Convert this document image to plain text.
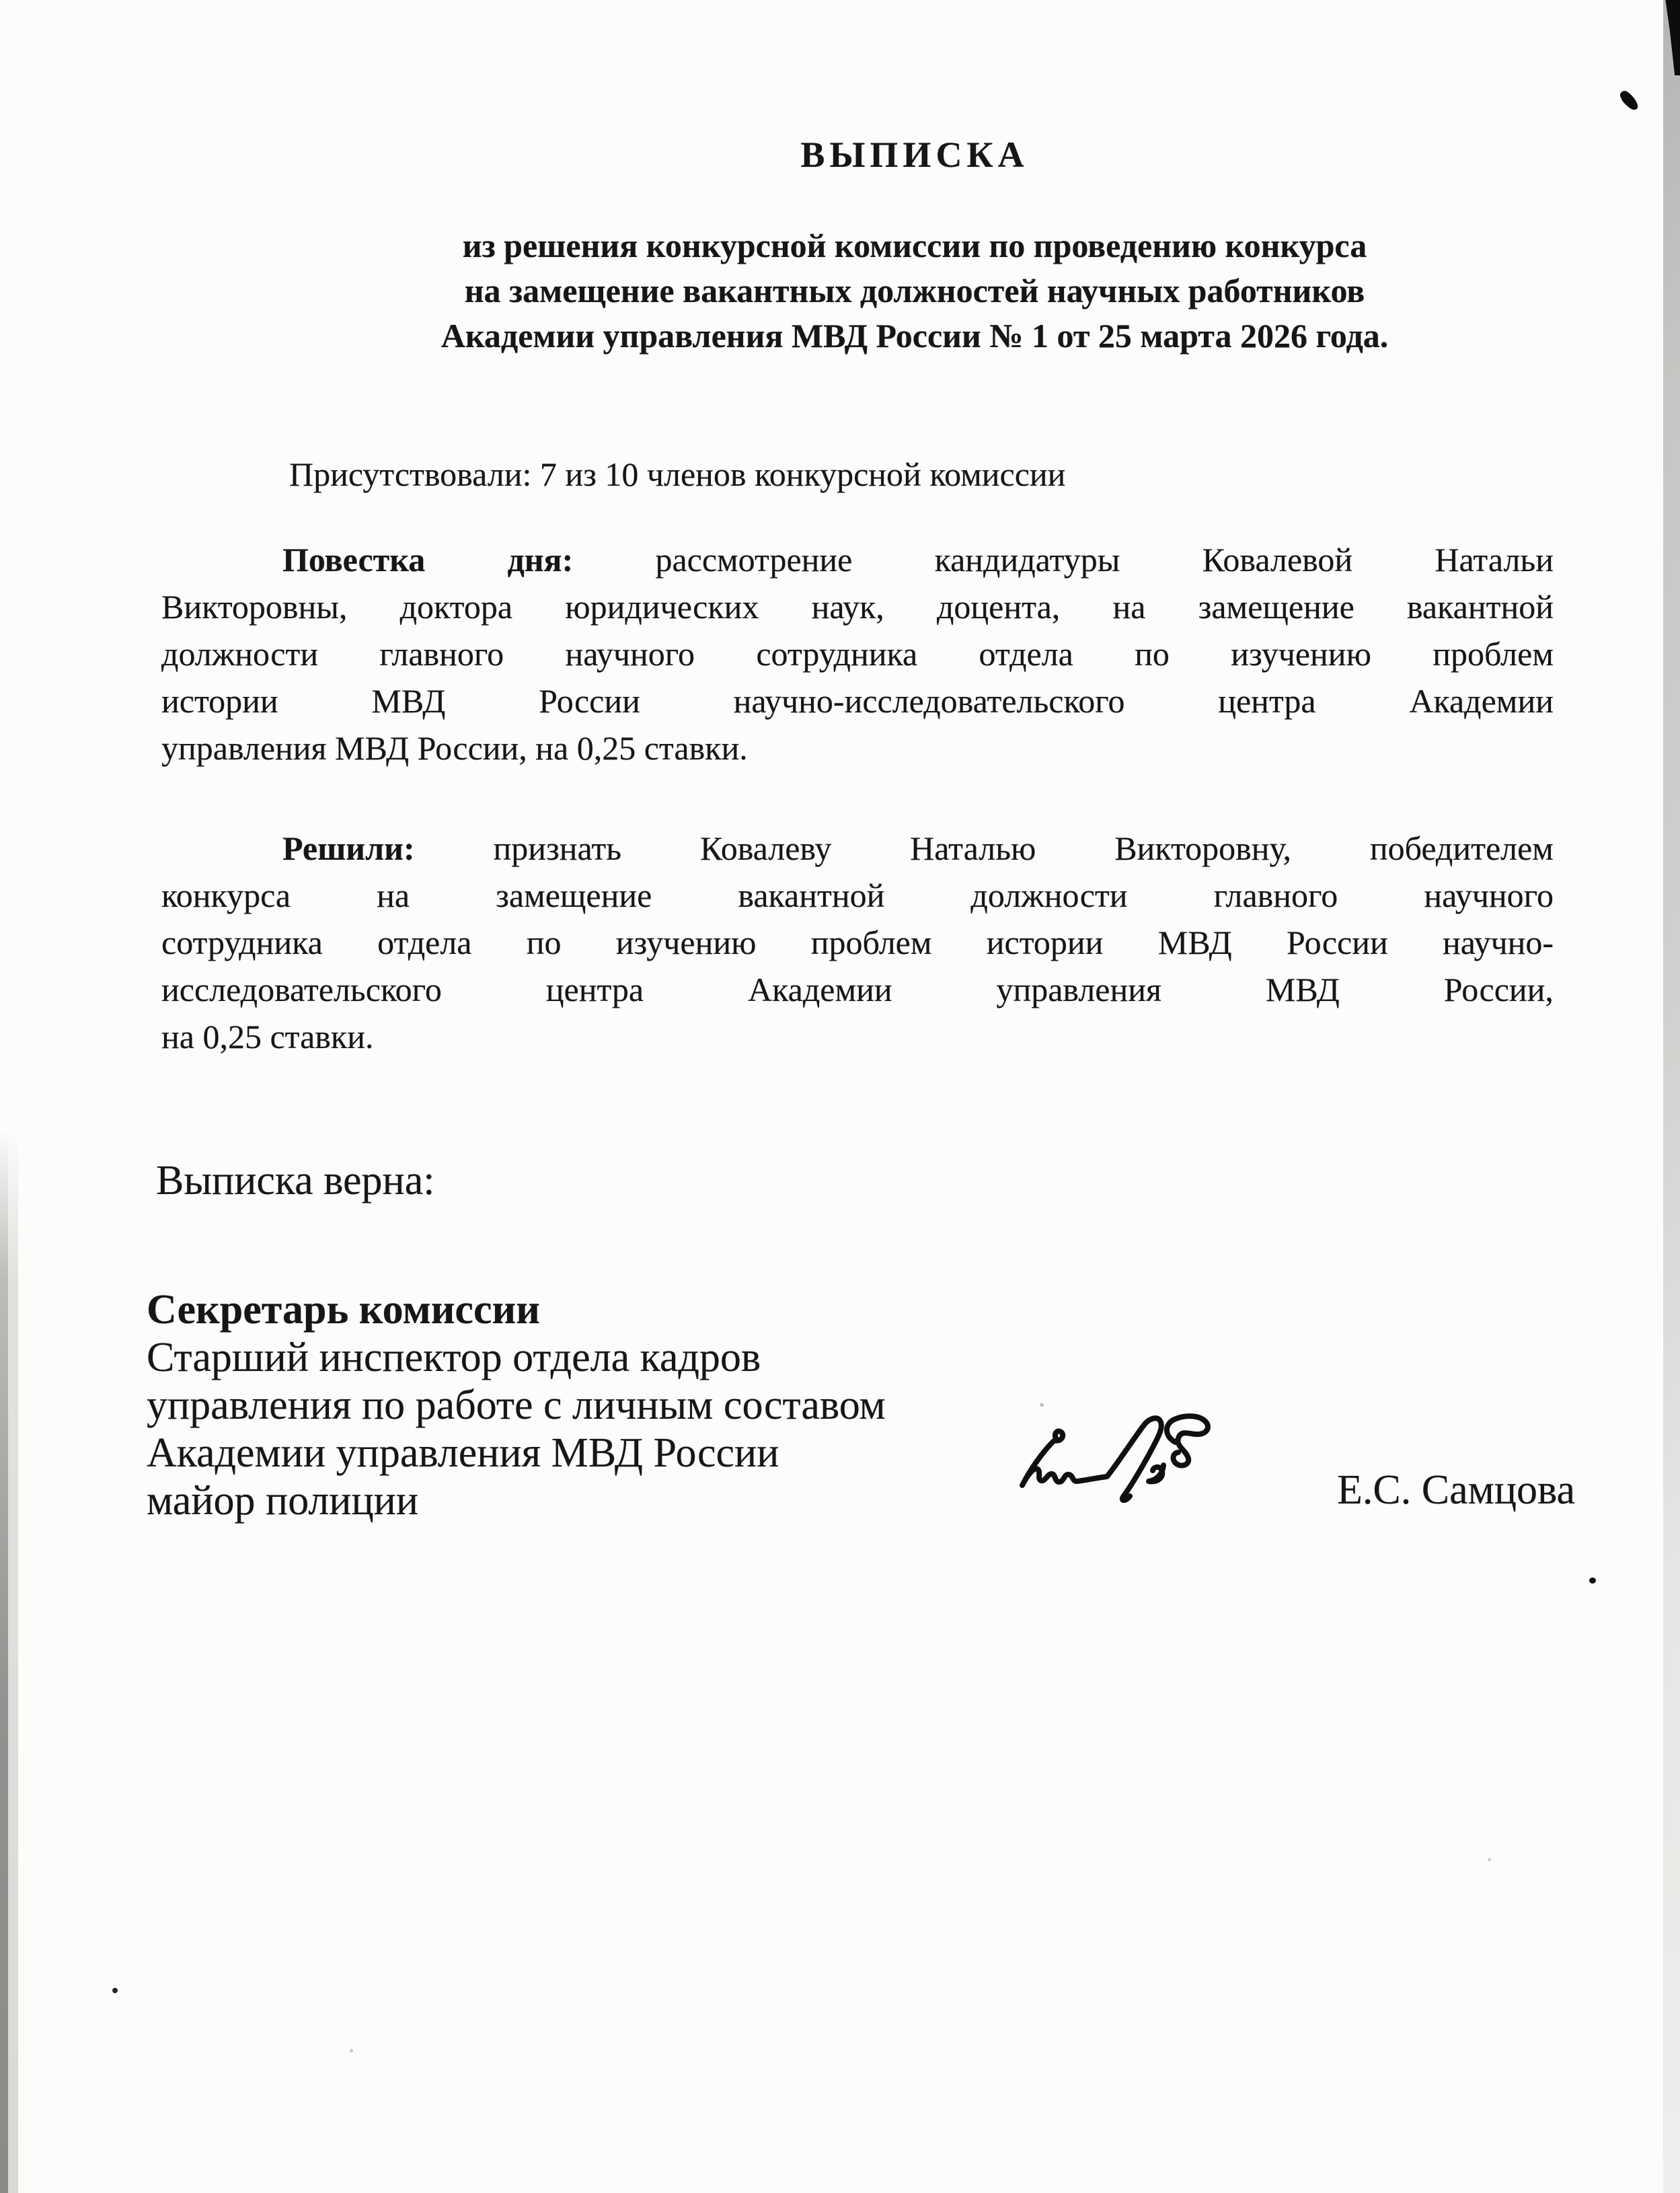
ВЫПИСКА
из решения конкурсной комиссии по проведению конкурса
на замещение вакантных должностей научных работников
Академии управления МВД России № 1 от 25 марта 2026 года.
Присутствовали: 7 из 10 членов конкурсной комиссии
Повестка дня: рассмотрение кандидатуры Ковалевой Натальи
Викторовны, доктора юридических наук, доцента, на замещение вакантной
должности главного научного сотрудника отдела по изучению проблем
истории	МВД	России	научно-исследовательского	центра	Академии
управления МВД России, на 0,25 ставки.
Решили: признать Ковалеву Наталью Викторовну, победителем
конкурса	на	замещение	вакантной	должности	главного	научного
сотрудника отдела по изучению проблем истории МВД России научно-
исследовательского	центра	Академии	управления	МВД	России,
на 0,25 ставки.
Выписка верна:
Секретарь комиссии
Старший инспектор отдела кадров
управления по работе с личным составом
Академии управления МВД России
майор полиции	Е.С. Самцова
